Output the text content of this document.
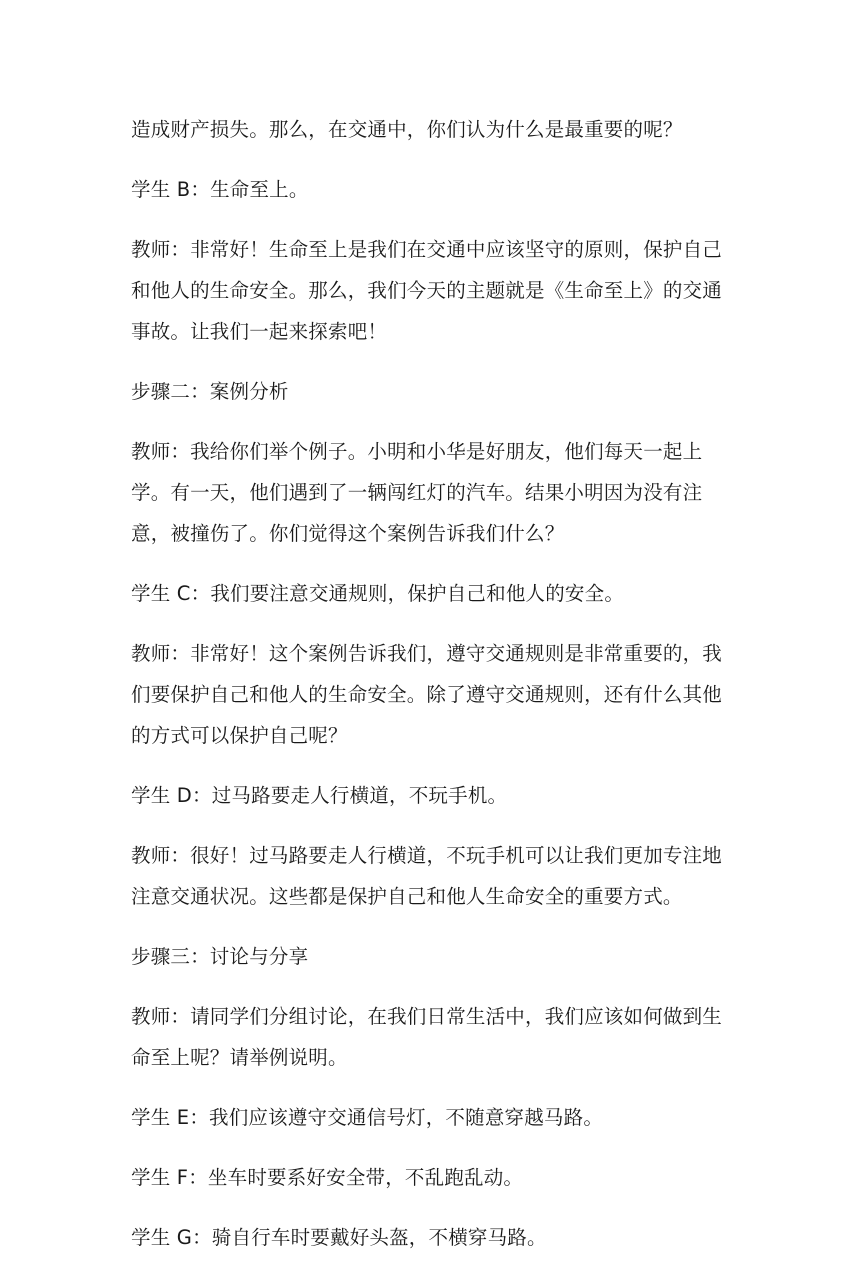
造成财产损失。那么，在交通中，你们认为什么是最重要的呢？

学生 B：生命至上。

教师：非常好！生命至上是我们在交通中应该坚守的原则，保护自己和他人的生命安全。那么，我们今天的主题就是《生命至上》的交通事故。让我们一起来探索吧！

步骤二：案例分析

教师：我给你们举个例子。小明和小华是好朋友，他们每天一起上学。有一天，他们遇到了一辆闯红灯的汽车。结果小明因为没有注意，被撞伤了。你们觉得这个案例告诉我们什么？

学生 C：我们要注意交通规则，保护自己和他人的安全。

教师：非常好！这个案例告诉我们，遵守交通规则是非常重要的，我们要保护自己和他人的生命安全。除了遵守交通规则，还有什么其他的方式可以保护自己呢？

学生 D：过马路要走人行横道，不玩手机。

教师：很好！过马路要走人行横道，不玩手机可以让我们更加专注地注意交通状况。这些都是保护自己和他人生命安全的重要方式。

步骤三：讨论与分享

教师：请同学们分组讨论，在我们日常生活中，我们应该如何做到生命至上呢？请举例说明。

学生 E：我们应该遵守交通信号灯，不随意穿越马路。

学生 F：坐车时要系好安全带，不乱跑乱动。

学生 G：骑自行车时要戴好头盔，不横穿马路。
